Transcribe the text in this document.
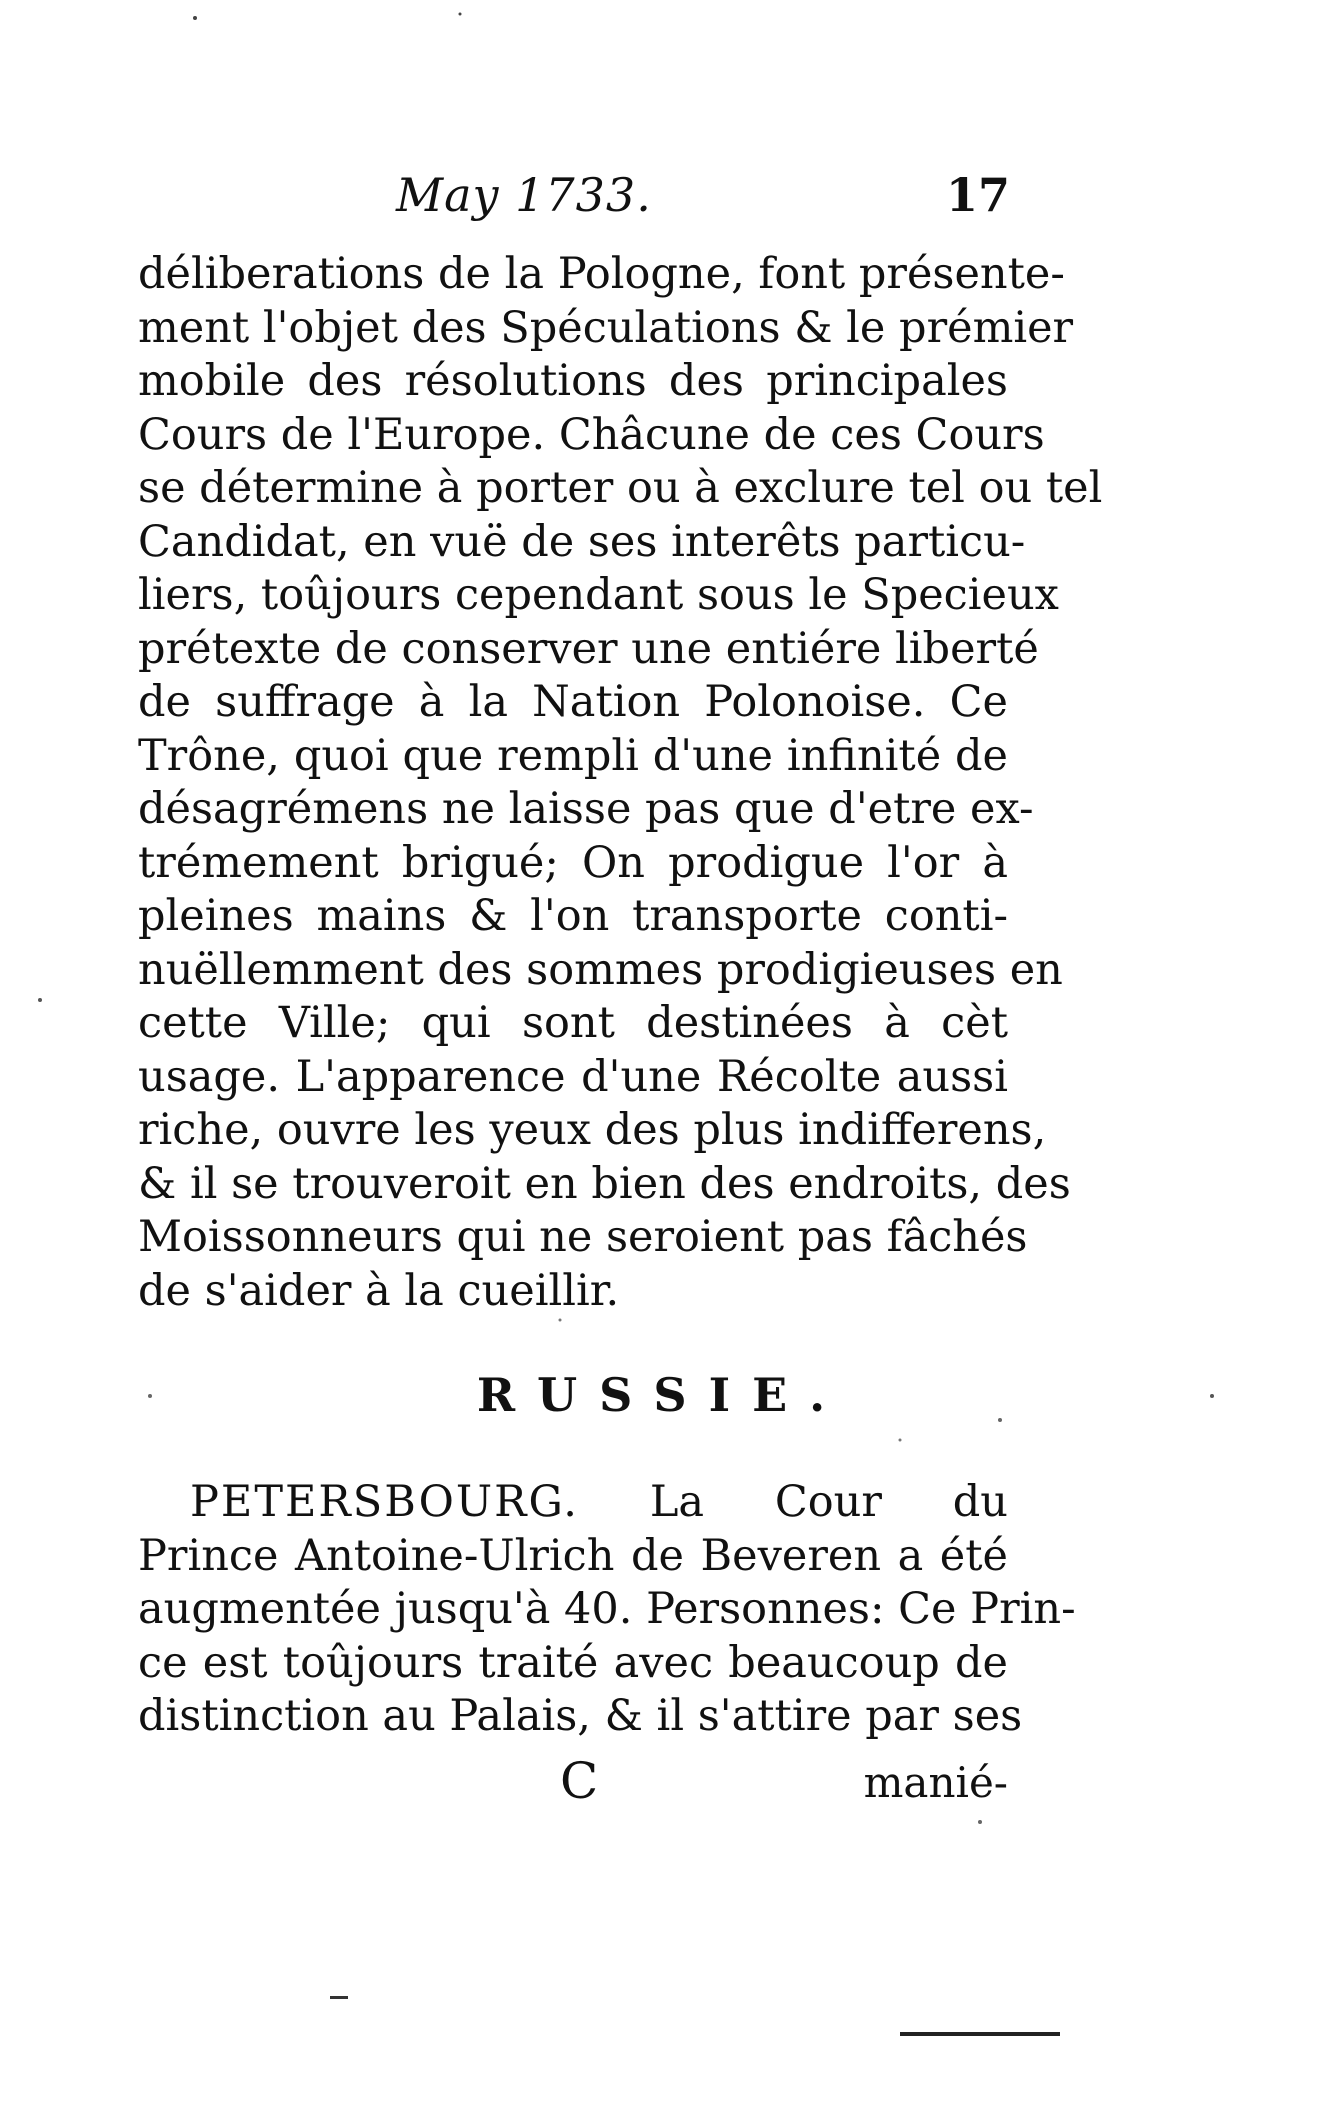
May 1733.	17
déliberations de la Pologne, font présente-
ment l'objet des Spéculations & le prémier
mobile des résolutions des principales
Cours de l'Europe. Châcune de ces Cours
se détermine à porter ou à exclure tel ou tel
Candidat, en vuë de ses interêts particu-
liers, toûjours cependant sous le Specieux
prétexte de conserver une entiére liberté
de suffrage à la Nation Polonoise. Ce
Trône, quoi que rempli d'une infinité de
désagrémens ne laisse pas que d'etre ex-
trémement brigué; On prodigue l'or à
pleines mains & l'on transporte conti-
nuëllemment des sommes prodigieuses en
cette Ville; qui sont destinées à cèt
usage. L'apparence d'une Récolte aussi
riche, ouvre les yeux des plus indifferens,
& il se trouveroit en bien des endroits, des
Moissonneurs qui ne seroient pas fâchés
de s'aider à la cueillir.
RUSSIE.
PETERSBOURG. La Cour du
Prince Antoine-Ulrich de Beveren a été
augmentée jusqu'à 40. Personnes: Ce Prin-
ce est toûjours traité avec beaucoup de
distinction au Palais, & il s'attire par ses
C	manié-
